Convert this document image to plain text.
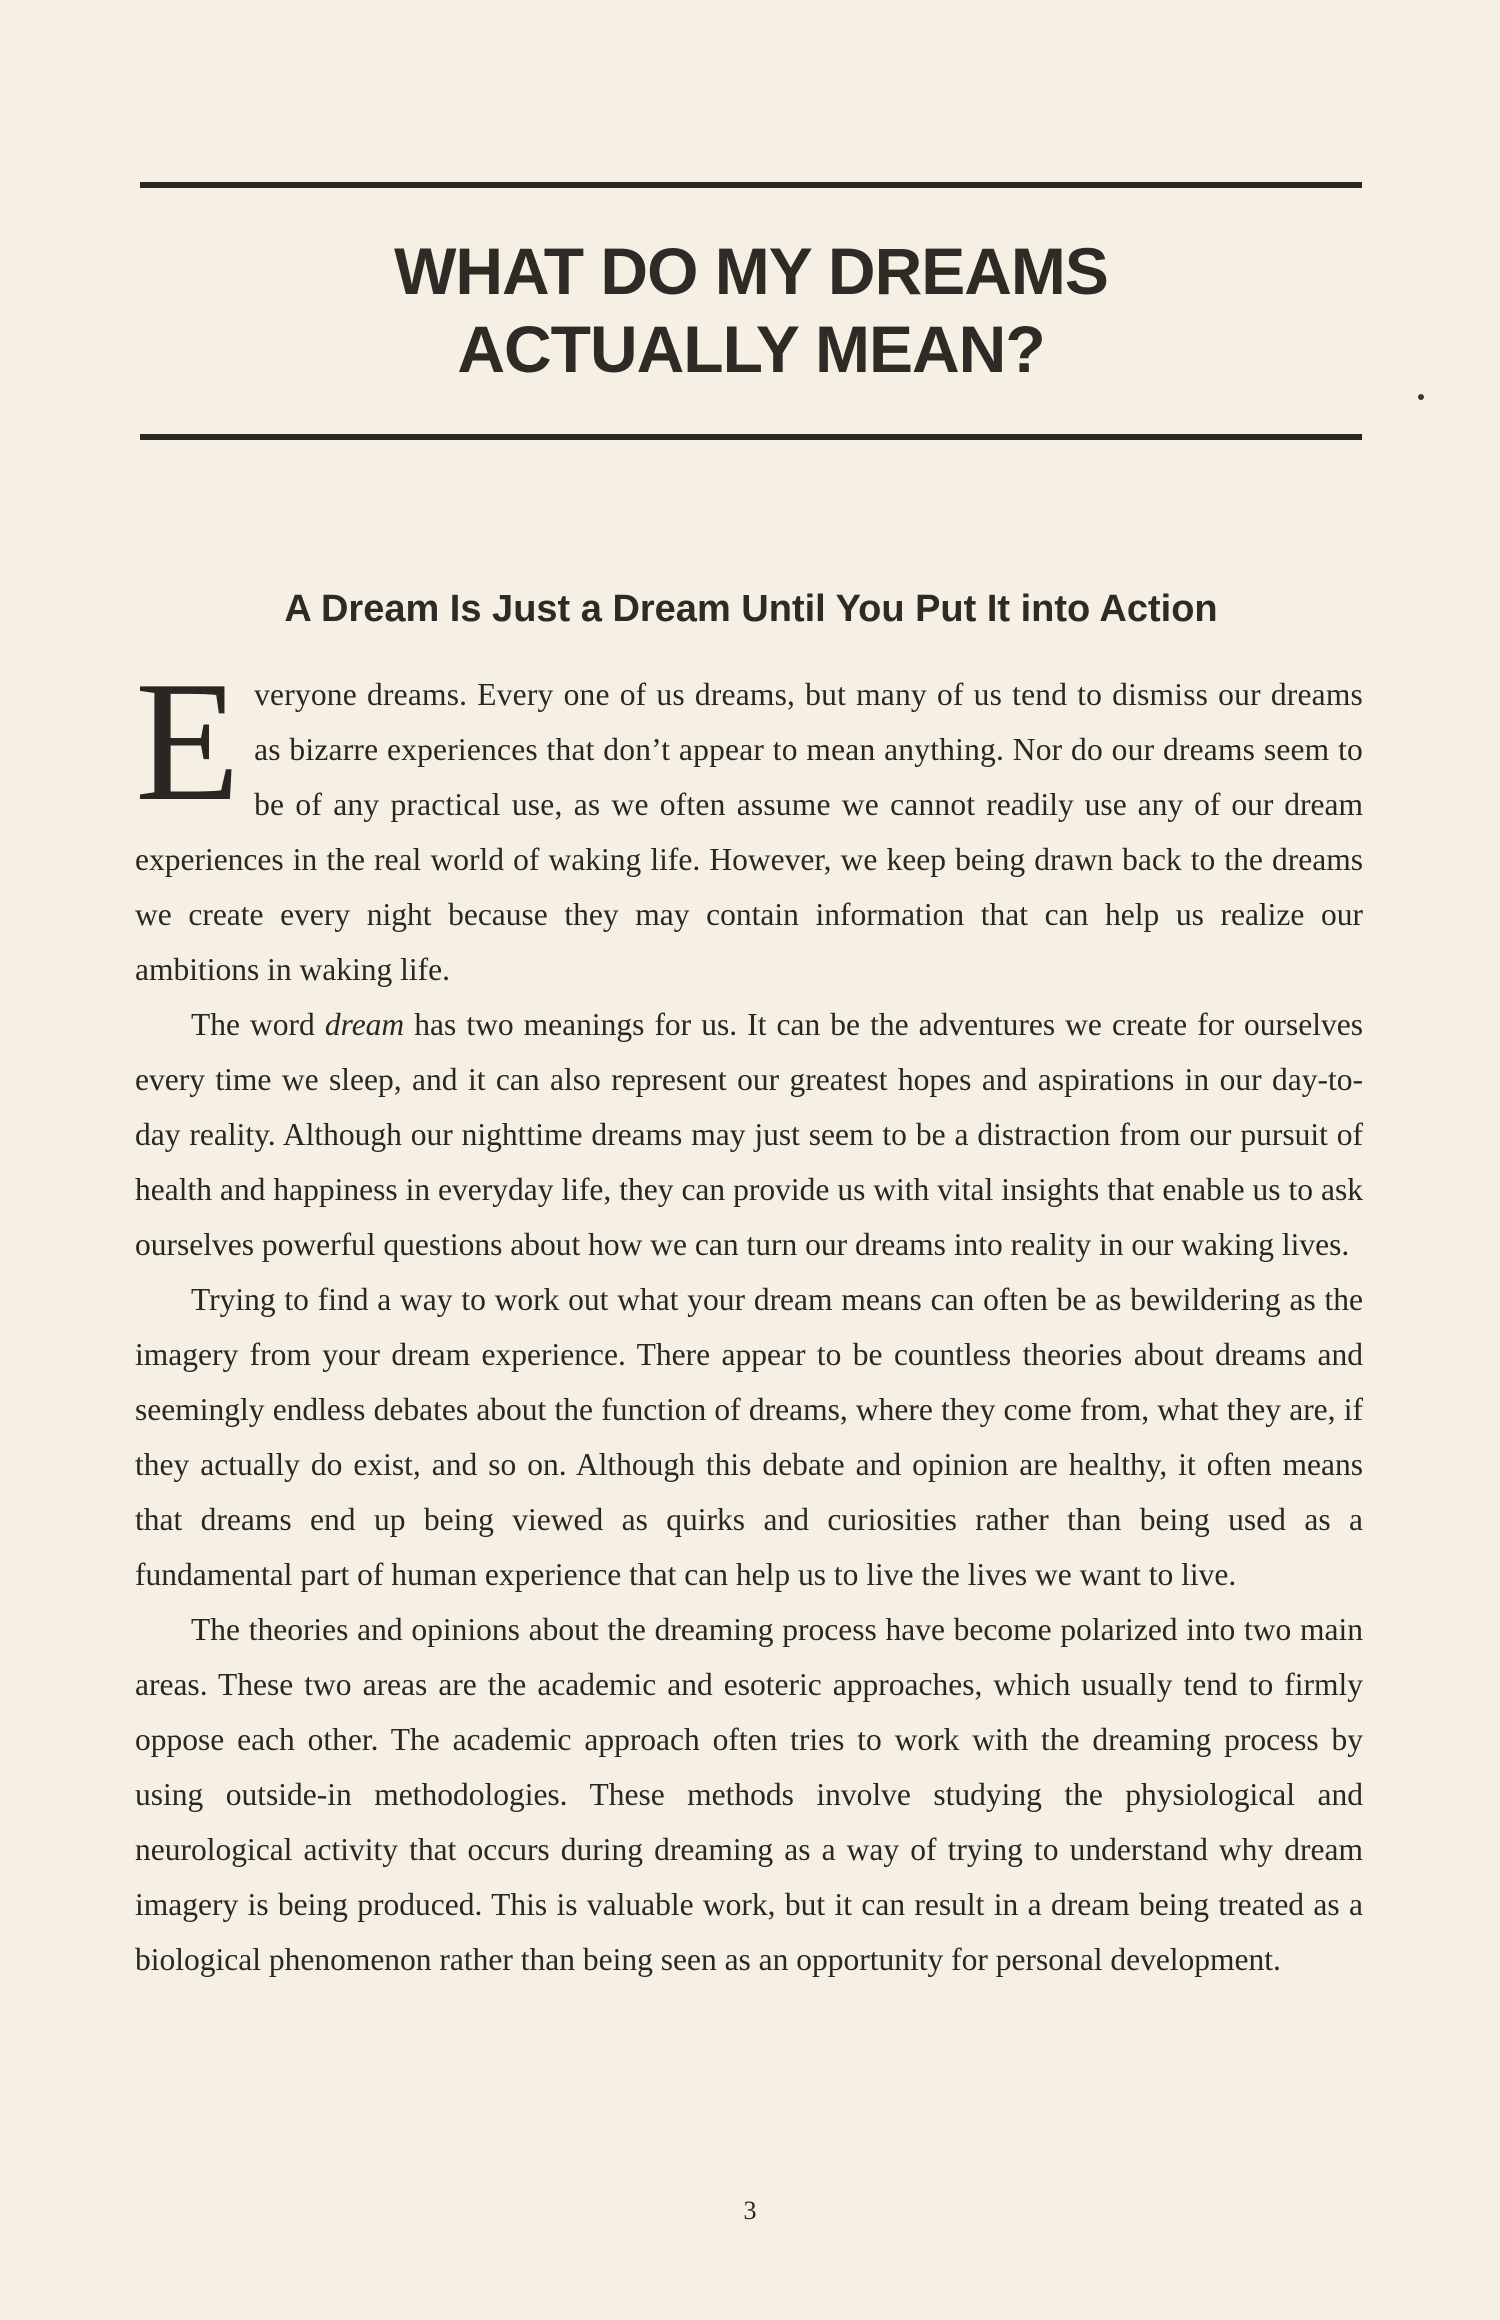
WHAT DO MY DREAMS
ACTUALLY MEAN?
A Dream Is Just a Dream Until You Put It into Action

Everyone dreams. Every one of us dreams, but many of us tend to dismiss our dreams as bizarre experiences that don’t appear to mean anything. Nor do our dreams seem to be of any practical use, as we often assume we cannot readily use any of our dream experiences in the real world of waking life. However, we keep being drawn back to the dreams we create every night because they may contain information that can help us realize our ambitions in waking life.

The word dream has two meanings for us. It can be the adventures we create for ourselves every time we sleep, and it can also represent our greatest hopes and aspirations in our day-to-day reality. Although our nighttime dreams may just seem to be a distraction from our pursuit of health and happiness in everyday life, they can provide us with vital insights that enable us to ask ourselves powerful questions about how we can turn our dreams into reality in our waking lives.

Trying to find a way to work out what your dream means can often be as bewildering as the imagery from your dream experience. There appear to be countless theories about dreams and seemingly endless debates about the function of dreams, where they come from, what they are, if they actually do exist, and so on. Although this debate and opinion are healthy, it often means that dreams end up being viewed as quirks and curiosities rather than being used as a fundamental part of human experience that can help us to live the lives we want to live.

The theories and opinions about the dreaming process have become polarized into two main areas. These two areas are the academic and esoteric approaches, which usually tend to firmly oppose each other. The academic approach often tries to work with the dreaming process by using outside-in methodologies. These methods involve studying the physiological and neurological activity that occurs during dreaming as a way of trying to understand why dream imagery is being produced. This is valuable work, but it can result in a dream being treated as a biological phenomenon rather than being seen as an opportunity for personal development.

3
